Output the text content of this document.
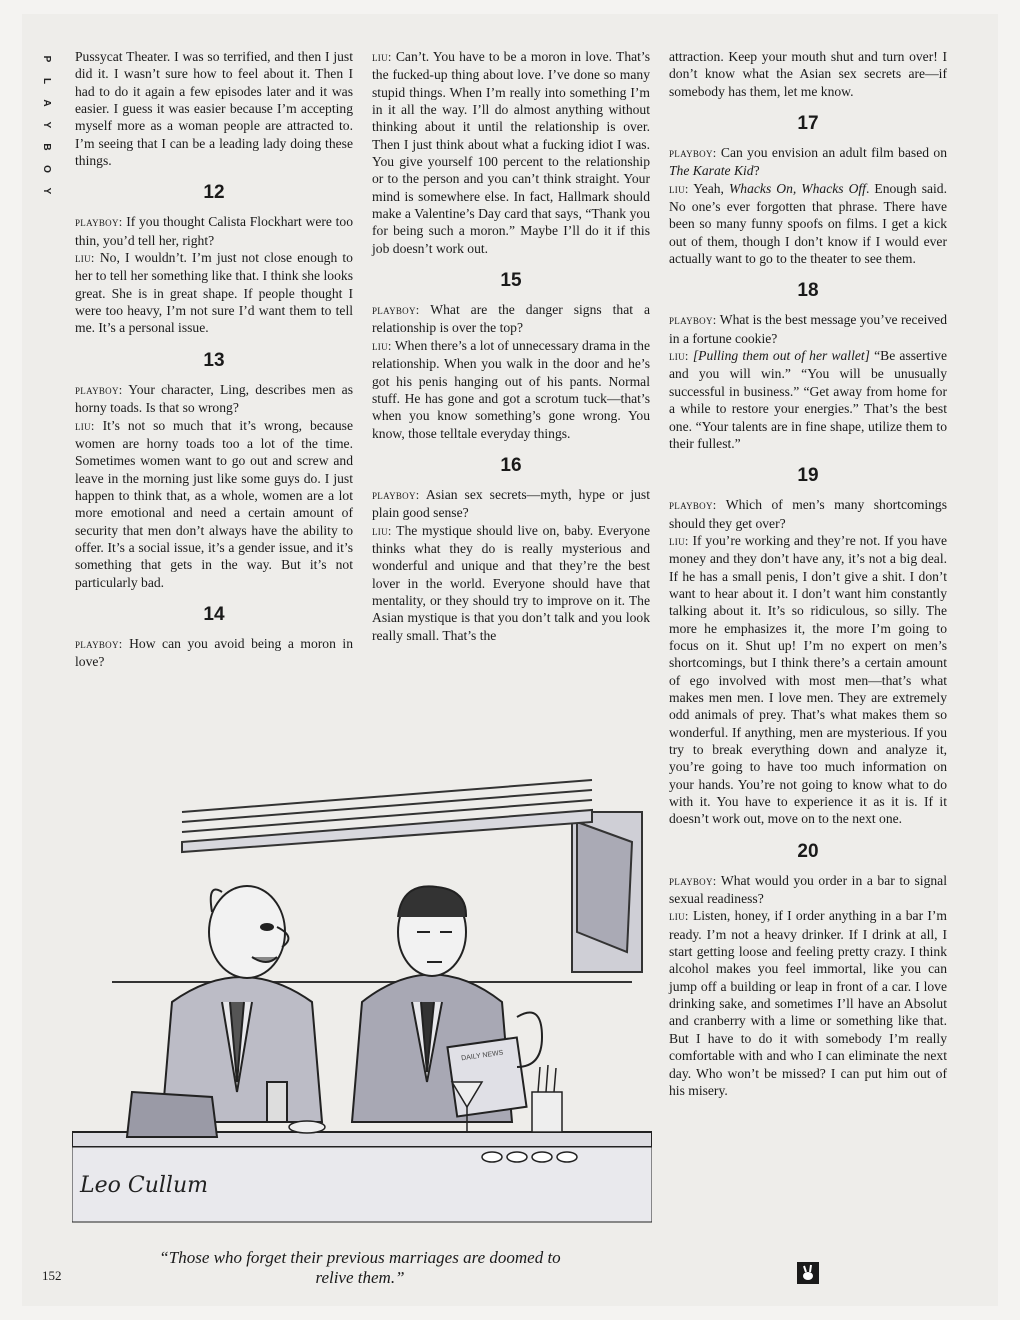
P
L
A
Y
B
O
Y

Pussycat Theater. I was so terrified, and then I just did it. I wasn’t sure how to feel about it. Then I had to do it again a few episodes later and it was easier. I guess it was easier because I’m accepting myself more as a woman people are attracted to. I’m seeing that I can be a leading lady doing these things.

12

playboy: If you thought Calista Flockhart were too thin, you’d tell her, right?

liu: No, I wouldn’t. I’m just not close enough to her to tell her something like that. I think she looks great. She is in great shape. If people thought I were too heavy, I’m not sure I’d want them to tell me. It’s a personal issue.

13

playboy: Your character, Ling, describes men as horny toads. Is that so wrong?

liu: It’s not so much that it’s wrong, because women are horny toads too a lot of the time. Sometimes women want to go out and screw and leave in the morning just like some guys do. I just happen to think that, as a whole, women are a lot more emotional and need a certain amount of security that men don’t always have the ability to offer. It’s a social issue, it’s a gender issue, and it’s something that gets in the way. But it’s not particularly bad.

14

playboy: How can you avoid being a moron in love?

liu: Can’t. You have to be a moron in love. That’s the fucked-up thing about love. I’ve done so many stupid things. When I’m really into something I’m in it all the way. I’ll do almost anything without thinking about it until the relationship is over. Then I just think about what a fucking idiot I was. You give yourself 100 percent to the relationship or to the person and you can’t think straight. Your mind is somewhere else. In fact, Hallmark should make a Valentine’s Day card that says, “Thank you for being such a moron.” Maybe I’ll do it if this job doesn’t work out.

15

playboy: What are the danger signs that a relationship is over the top?

liu: When there’s a lot of unnecessary drama in the relationship. When you walk in the door and he’s got his penis hanging out of his pants. Normal stuff. He has gone and got a scrotum tuck—that’s when you know something’s gone wrong. You know, those telltale everyday things.

16

playboy: Asian sex secrets—myth, hype or just plain good sense?

liu: The mystique should live on, baby. Everyone thinks what they do is really mysterious and wonderful and unique and that they’re the best lover in the world. Everyone should have that mentality, or they should try to improve on it. The Asian mystique is that you don’t talk and you look really small. That’s the

attraction. Keep your mouth shut and turn over! I don’t know what the Asian sex secrets are—if somebody has them, let me know.

17

playboy: Can you envision an adult film based on The Karate Kid?

liu: Yeah, Whacks On, Whacks Off. Enough said. No one’s ever forgotten that phrase. There have been so many funny spoofs on films. I get a kick out of them, though I don’t know if I would ever actually want to go to the theater to see them.

18

playboy: What is the best message you’ve received in a fortune cookie?

liu: [Pulling them out of her wallet] “Be assertive and you will win.” “You will be unusually successful in business.” “Get away from home for a while to restore your energies.” That’s the best one. “Your talents are in fine shape, utilize them to their fullest.”

19

playboy: Which of men’s many shortcomings should they get over?

liu: If you’re working and they’re not. If you have money and they don’t have any, it’s not a big deal. If he has a small penis, I don’t give a shit. I don’t want to hear about it. I don’t want him constantly talking about it. It’s so ridiculous, so silly. The more he emphasizes it, the more I’m going to focus on it. Shut up! I’m no expert on men’s shortcomings, but I think there’s a certain amount of ego involved with most men—that’s what makes men men. I love men. They are extremely odd animals of prey. That’s what makes them so wonderful. If anything, men are mysterious. If you try to break everything down and analyze it, you’re going to have too much information on your hands. You’re not going to know what to do with it. You have to experience it as it is. If it doesn’t work out, move on to the next one.

20

playboy: What would you order in a bar to signal sexual readiness?

liu: Listen, honey, if I order anything in a bar I’m ready. I’m not a heavy drinker. If I drink at all, I start getting loose and feeling pretty crazy. I think alcohol makes you feel immortal, like you can jump off a building or leap in front of a car. I love drinking sake, and sometimes I’ll have an Absolut and cranberry with a lime or something like that. But I have to do it with somebody I’m really comfortable with and who I can eliminate the next day. Who won’t be missed? I can put him out of his misery.

DAILY NEWS
Leo Cullum
“Those who forget their previous marriages are doomed to relive them.”
152
